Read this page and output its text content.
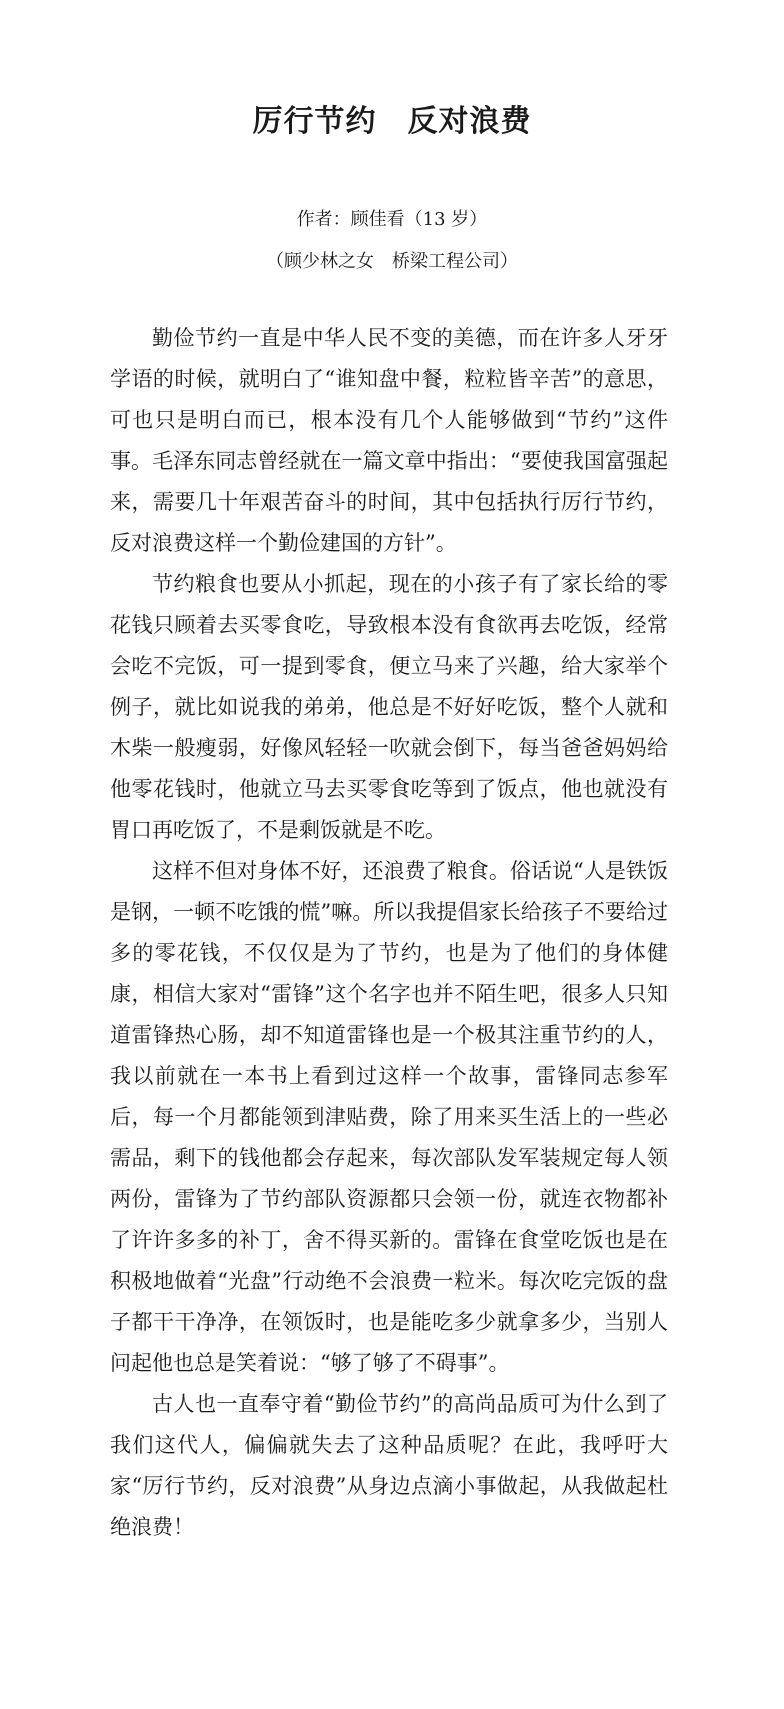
厉行节约　反对浪费

作者：顾佳看（13 岁）

（顾少林之女　桥梁工程公司）

勤俭节约一直是中华人民不变的美德，而在许多人牙牙学语的时候，就明白了“谁知盘中餐，粒粒皆辛苦”的意思，可也只是明白而已，根本没有几个人能够做到“节约”这件事。毛泽东同志曾经就在一篇文章中指出：“要使我国富强起来，需要几十年艰苦奋斗的时间，其中包括执行厉行节约，反对浪费这样一个勤俭建国的方针”。

节约粮食也要从小抓起，现在的小孩子有了家长给的零花钱只顾着去买零食吃，导致根本没有食欲再去吃饭，经常会吃不完饭，可一提到零食，便立马来了兴趣，给大家举个例子，就比如说我的弟弟，他总是不好好吃饭，整个人就和木柴一般瘦弱，好像风轻轻一吹就会倒下，每当爸爸妈妈给他零花钱时，他就立马去买零食吃等到了饭点，他也就没有胃口再吃饭了，不是剩饭就是不吃。

这样不但对身体不好，还浪费了粮食。俗话说“人是铁饭是钢，一顿不吃饿的慌”嘛。所以我提倡家长给孩子不要给过多的零花钱，不仅仅是为了节约，也是为了他们的身体健康，相信大家对“雷锋”这个名字也并不陌生吧，很多人只知道雷锋热心肠，却不知道雷锋也是一个极其注重节约的人，我以前就在一本书上看到过这样一个故事，雷锋同志参军后，每一个月都能领到津贴费，除了用来买生活上的一些必需品，剩下的钱他都会存起来，每次部队发军装规定每人领两份，雷锋为了节约部队资源都只会领一份，就连衣物都补了许许多多的补丁，舍不得买新的。雷锋在食堂吃饭也是在积极地做着“光盘”行动绝不会浪费一粒米。每次吃完饭的盘子都干干净净，在领饭时，也是能吃多少就拿多少，当别人问起他也总是笑着说：“够了够了不碍事”。

古人也一直奉守着“勤俭节约”的高尚品质可为什么到了我们这代人，偏偏就失去了这种品质呢？在此，我呼吁大家“厉行节约，反对浪费”从身边点滴小事做起，从我做起杜绝浪费！
